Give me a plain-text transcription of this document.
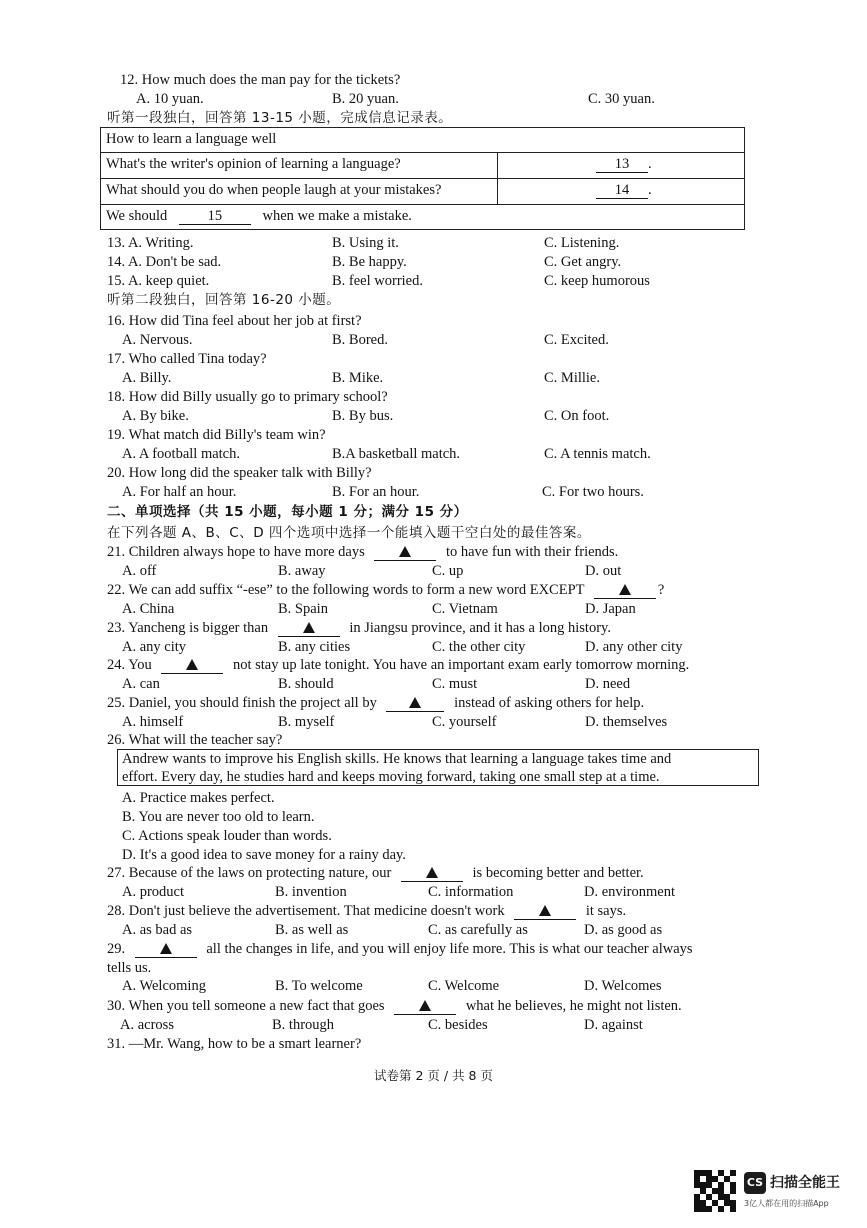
12. How much does the man pay for the tickets?
A. 10 yuan.	B. 20 yuan.	C. 30 yuan.
听第一段独白，回答第 13-15 小题，完成信息记录表。
How to learn a language well
What's the writer's opinion of learning a language?	13 .
What should you do when people laugh at your mistakes?	14 .
We should	15	when we make a mistake.
13. A. Writing.	B. Using it.	C. Listening.
14. A. Don't be sad.	B. Be happy.	C. Get angry.
15. A. keep quiet.	B. feel worried.	C. keep humorous
听第二段独白，回答第 16-20 小题。
16. How did Tina feel about her job at first?
A. Nervous.	B. Bored.	C. Excited.
17. Who called Tina today?
A. Billy.	B. Mike.	C. Millie.
18. How did Billy usually go to primary school?
A. By bike.	B. By bus.	C. On foot.
19. What match did Billy's team win?
A. A football match.	B.A basketball match.	C. A tennis match.
20. How long did the speaker talk with Billy?
A. For half an hour.	B. For an hour.	C. For two hours.
二、单项选择（共 15 小题，每小题 1 分；满分 15 分）
在下列各题 A、B、C、D 四个选项中选择一个能填入题干空白处的最佳答案。
21. Children always hope to have more days	to have fun with their friends.
A. off	B. away	C. up	D. out
22. We can add suffix “-ese” to the following words to form a new word EXCEPT	?
A. China	B. Spain	C. Vietnam	D. Japan
23. Yancheng is bigger than	in Jiangsu province, and it has a long history.
A. any city	B. any cities	C. the other city	D. any other city
24. You	not stay up late tonight. You have an important exam early tomorrow morning.
A. can	B. should	C. must	D. need
25. Daniel, you should finish the project all by	instead of asking others for help.
A. himself	B. myself	C. yourself	D. themselves
26. What will the teacher say?
Andrew wants to improve his English skills. He knows that learning a language takes time and
effort. Every day, he studies hard and keeps moving forward, taking one small step at a time.
A. Practice makes perfect.
B. You are never too old to learn.
C. Actions speak louder than words.
D. It's a good idea to save money for a rainy day.
27. Because of the laws on protecting nature, our	is becoming better and better.
A. product	B. invention	C. information	D. environment
28. Don't just believe the advertisement. That medicine doesn't work	it says.
A. as bad as	B. as well as	C. as carefully as	D. as good as
29.	all the changes in life, and you will enjoy life more. This is what our teacher always
tells us.
A. Welcoming	B. To welcome	C. Welcome	D. Welcomes
30. When you tell someone a new fact that goes	what he believes, he might not listen.
A. across	B. through	C. besides	D. against
31. —Mr. Wang, how to be a smart learner?
试卷第 2 页 / 共 8 页
CS 扫描全能王
3亿人都在用的扫描App
